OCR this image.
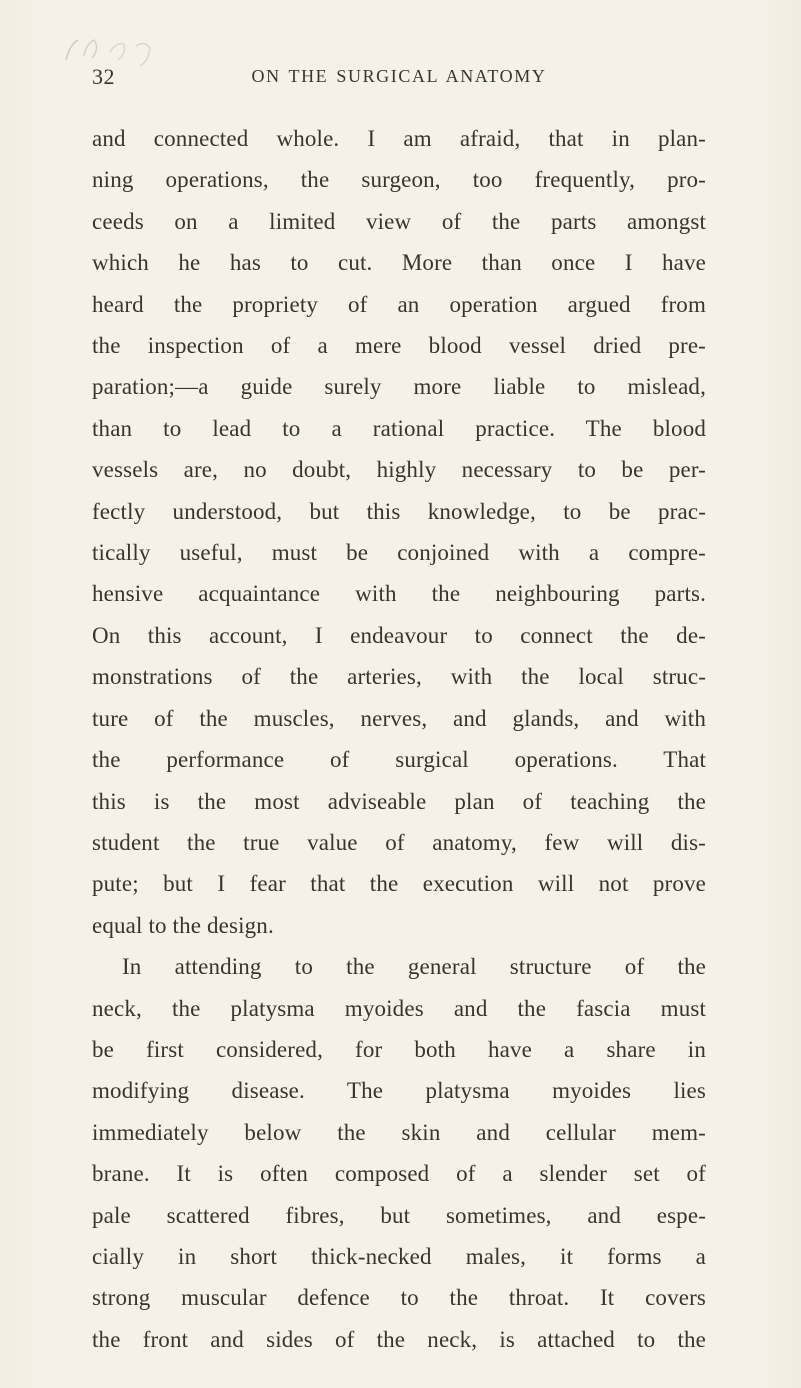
32	ON THE SURGICAL ANATOMY
and connected whole. I am afraid, that in plan-
ning operations, the surgeon, too frequently, pro-
ceeds on a limited view of the parts amongst
which he has to cut. More than once I have
heard the propriety of an operation argued from
the inspection of a mere blood vessel dried pre-
paration;—a guide surely more liable to mislead,
than to lead to a rational practice. The blood
vessels are, no doubt, highly necessary to be per-
fectly understood, but this knowledge, to be prac-
tically useful, must be conjoined with a compre-
hensive acquaintance with the neighbouring parts.
On this account, I endeavour to connect the de-
monstrations of the arteries, with the local struc-
ture of the muscles, nerves, and glands, and with
the performance of surgical operations. That
this is the most adviseable plan of teaching the
student the true value of anatomy, few will dis-
pute; but I fear that the execution will not prove
equal to the design.
In attending to the general structure of the
neck, the platysma myoides and the fascia must
be first considered, for both have a share in
modifying disease. The platysma myoides lies
immediately below the skin and cellular mem-
brane. It is often composed of a slender set of
pale scattered fibres, but sometimes, and espe-
cially in short thick-necked males, it forms a
strong muscular defence to the throat. It covers
the front and sides of the neck, is attached to the
